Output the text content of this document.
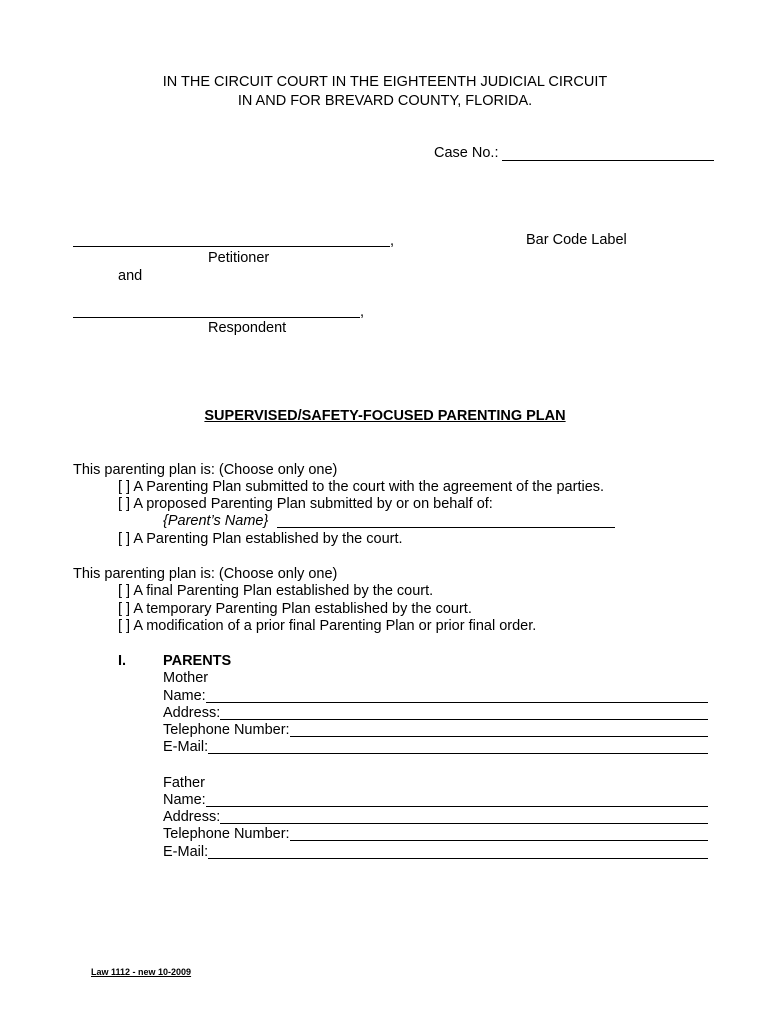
IN THE CIRCUIT COURT IN THE EIGHTEENTH JUDICIAL CIRCUIT
IN AND FOR BREVARD COUNTY, FLORIDA.
Case No.:
,
Petitioner
and
,
Respondent
Bar Code Label
SUPERVISED/SAFETY-FOCUSED PARENTING PLAN
This parenting plan is: (Choose only one)
[ ] A Parenting Plan submitted to the court with the agreement of the parties.
[ ] A proposed Parenting Plan submitted by or on behalf of:
{Parent’s Name}
[ ] A Parenting Plan established by the court.
This parenting plan is: (Choose only one)
[ ] A final Parenting Plan established by the court.
[ ] A temporary Parenting Plan established by the court.
[ ] A modification of a prior final Parenting Plan or prior final order.
I.	PARENTS
Mother
Name:
Address:
Telephone Number:
E-Mail:
Father
Name:
Address:
Telephone Number:
E-Mail:
Law 1112 - new 10-2009
